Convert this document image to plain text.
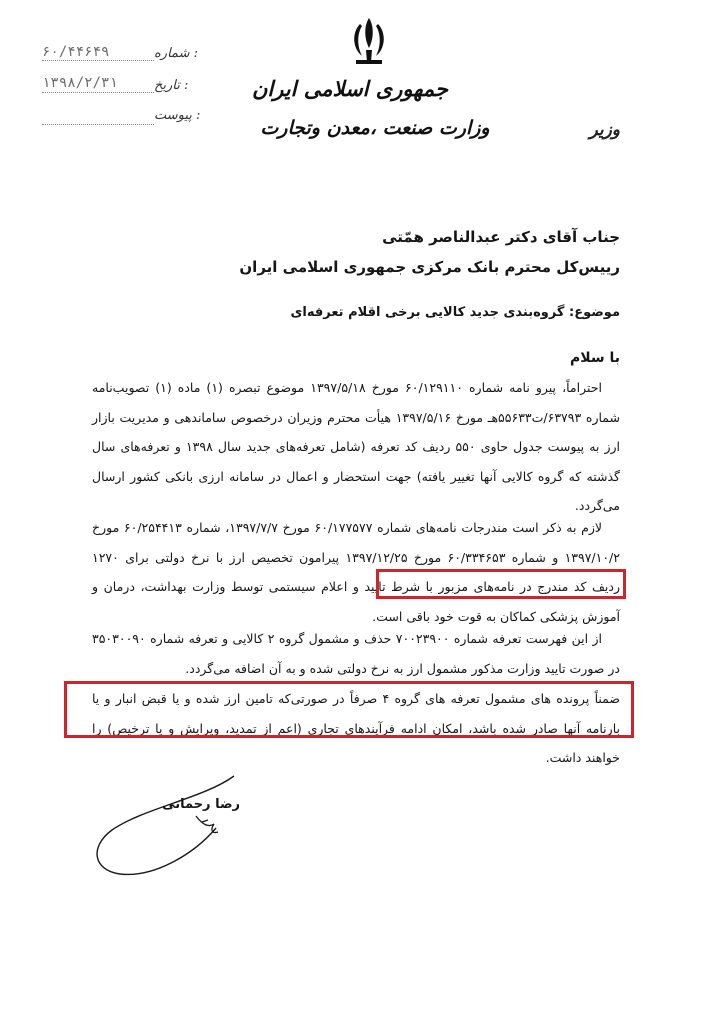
۶۰/۴۴۶۴۹	شماره :
۱۳۹۸/۲/۳۱	تاریخ :
پیوست :
جمهوری اسلامی ایران
وزارت صنعت ،معدن وتجارت	وزیر
جناب آقای دکتر عبدالناصر همّتی
رییس‌کل محترم بانک مرکزی جمهوری اسلامی ایران
موضوع: گروه‌بندی جدید کالایی برخی اقلام تعرفه‌ای
با سلام
احتراماً، پیرو نامه شماره ۶۰/۱۲۹۱۱۰ مورخ ۱۳۹۷/۵/۱۸ موضوع تبصره (۱) ماده (۱) تصویب‌نامه شماره ۶۳۷۹۳/ت۵۵۶۳۳هـ مورخ ۱۳۹۷/۵/۱۶ هیأت محترم وزیران درخصوص ساماندهی و مدیریت بازار ارز به پیوست جدول حاوی ۵۵۰ ردیف کد تعرفه (شامل تعرفه‌های جدید سال ۱۳۹۸ و تعرفه‌های سال گذشته که گروه کالایی آنها تغییر یافته) جهت استحضار و اعمال در سامانه ارزی بانکی کشور ارسال می‌گردد.
لازم به ذکر است مندرجات نامه‌های شماره ۶۰/۱۷۷۵۷۷ مورخ ۱۳۹۷/۷/۷، شماره ۶۰/۲۵۴۴۱۳ مورخ ۱۳۹۷/۱۰/۲ و شماره ۶۰/۳۳۴۶۵۳ مورخ ۱۳۹۷/۱۲/۲۵ پیرامون تخصیص ارز با نرخ دولتی برای ۱۲۷۰ ردیف کد مندرج در نامه‌های مزبور با شرط تایید و اعلام سیستمی توسط وزارت بهداشت، درمان و آموزش پزشکی کماکان به قوت خود باقی است.
از این فهرست تعرفه شماره ۷۰۰۲۳۹۰۰ حذف و مشمول گروه ۲ کالایی و تعرفه شماره ۳۵۰۳۰۰۹۰ در صورت تایید وزارت مذکور مشمول ارز به نرخ دولتی شده و به آن اضافه می‌گردد.
ضمناً پرونده های مشمول تعرفه های گروه ۴ صرفاً در صورتی‌که تامین ارز شده و یا قبض انبار و یا بارنامه آنها صادر شده باشد، امکان ادامه فرآیندهای تجاری (اعم از تمدید، ویرایش و یا ترخیص) را خواهند داشت.
رضا رحمانی
